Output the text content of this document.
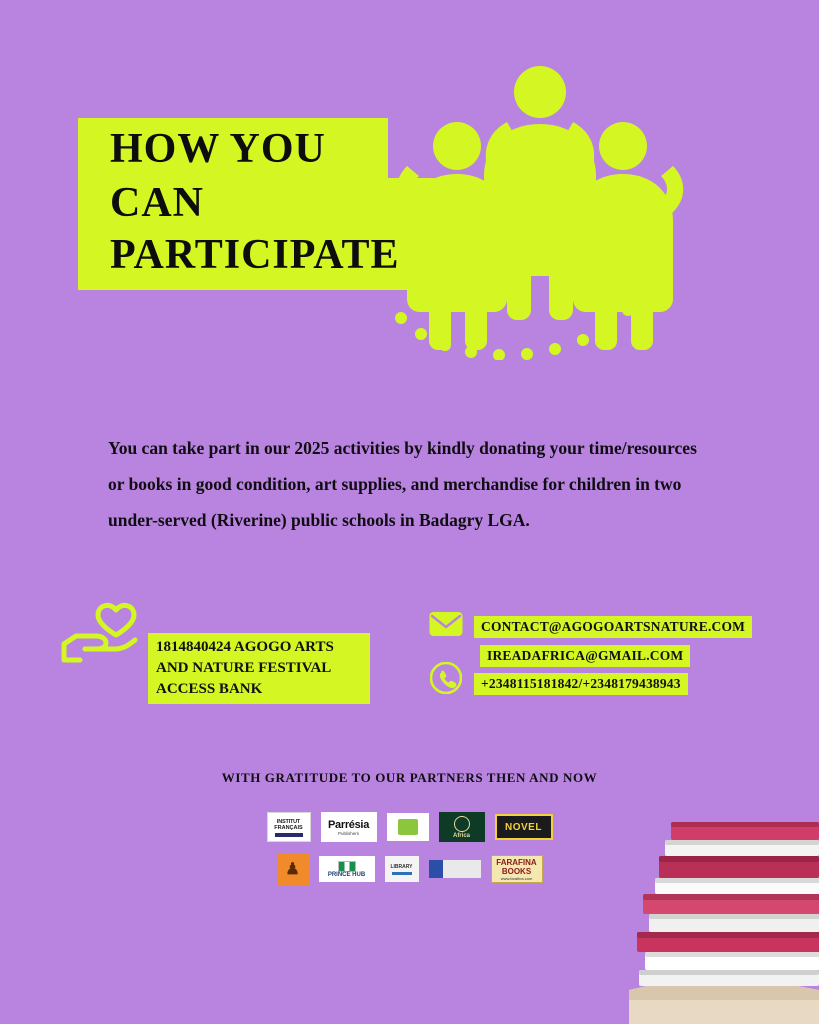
HOW YOU
CAN
PARTICIPATE

You can take part in our 2025 activities by kindly donating your time/resources or books in good condition, art supplies, and merchandise for children in two under-served (Riverine) public schools in Badagry LGA.

1814840424 AGOGO ARTS
AND NATURE FESTIVAL
ACCESS BANK
CONTACT@AGOGOARTSNATURE.COM
IREADAFRICA@GMAIL.COM
+2348115181842/+2348179438943
WITH GRATITUDE TO OUR PARTNERS THEN AND NOW
INSTITUT
FRANÇAIS Parrésia
Publishers	Africa
NOVEL
♟	PRINCE HUB
LIBRARY	FARAFINA
BOOKS
www.farafina.com
